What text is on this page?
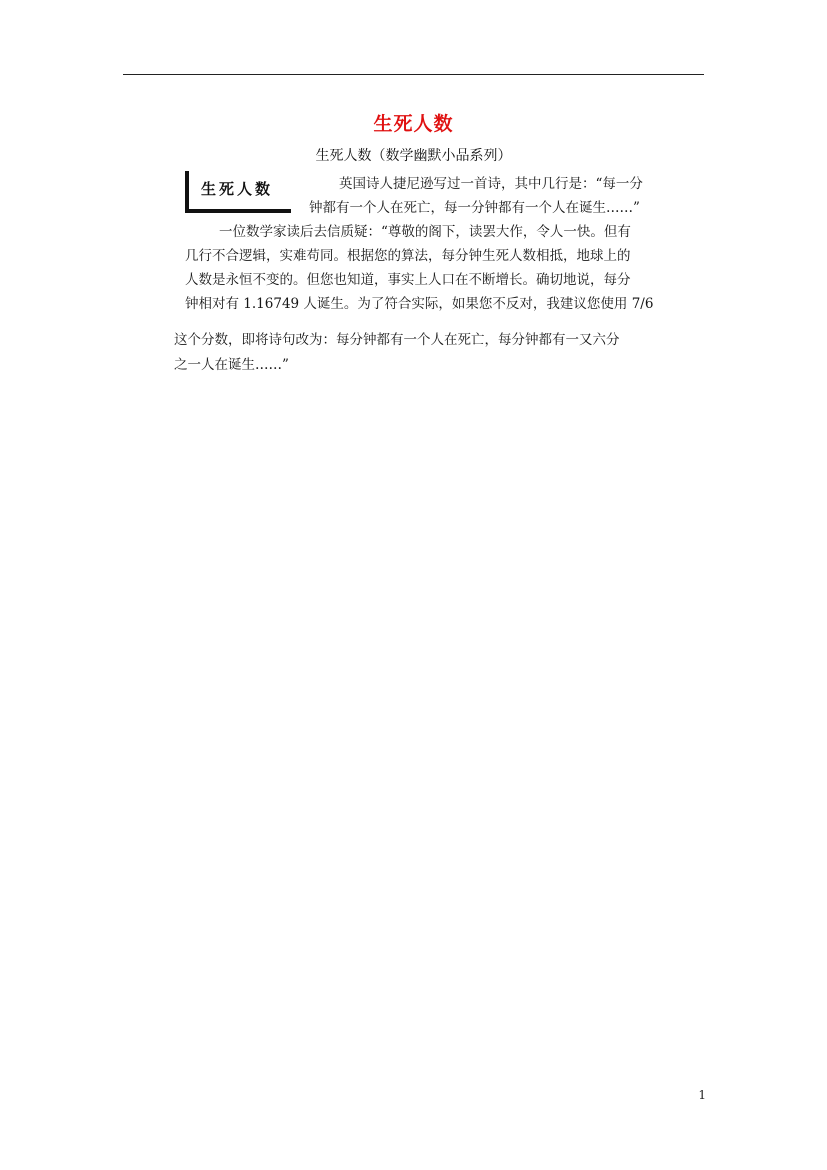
生死人数
生死人数（数学幽默小品系列）
生死人数	英国诗人捷尼逊写过一首诗，其中几行是：“每一分
钟都有一个人在死亡，每一分钟都有一个人在诞生……”
一位数学家读后去信质疑：“尊敬的阁下，读罢大作，令人一快。但有
几行不合逻辑，实难苟同。根据您的算法，每分钟生死人数相抵，地球上的
人数是永恒不变的。但您也知道，事实上人口在不断增长。确切地说，每分
钟相对有 1.16749 人诞生。为了符合实际，如果您不反对，我建议您使用 7/6
这个分数，即将诗句改为：每分钟都有一个人在死亡，每分钟都有一又六分
之一人在诞生……”
1
